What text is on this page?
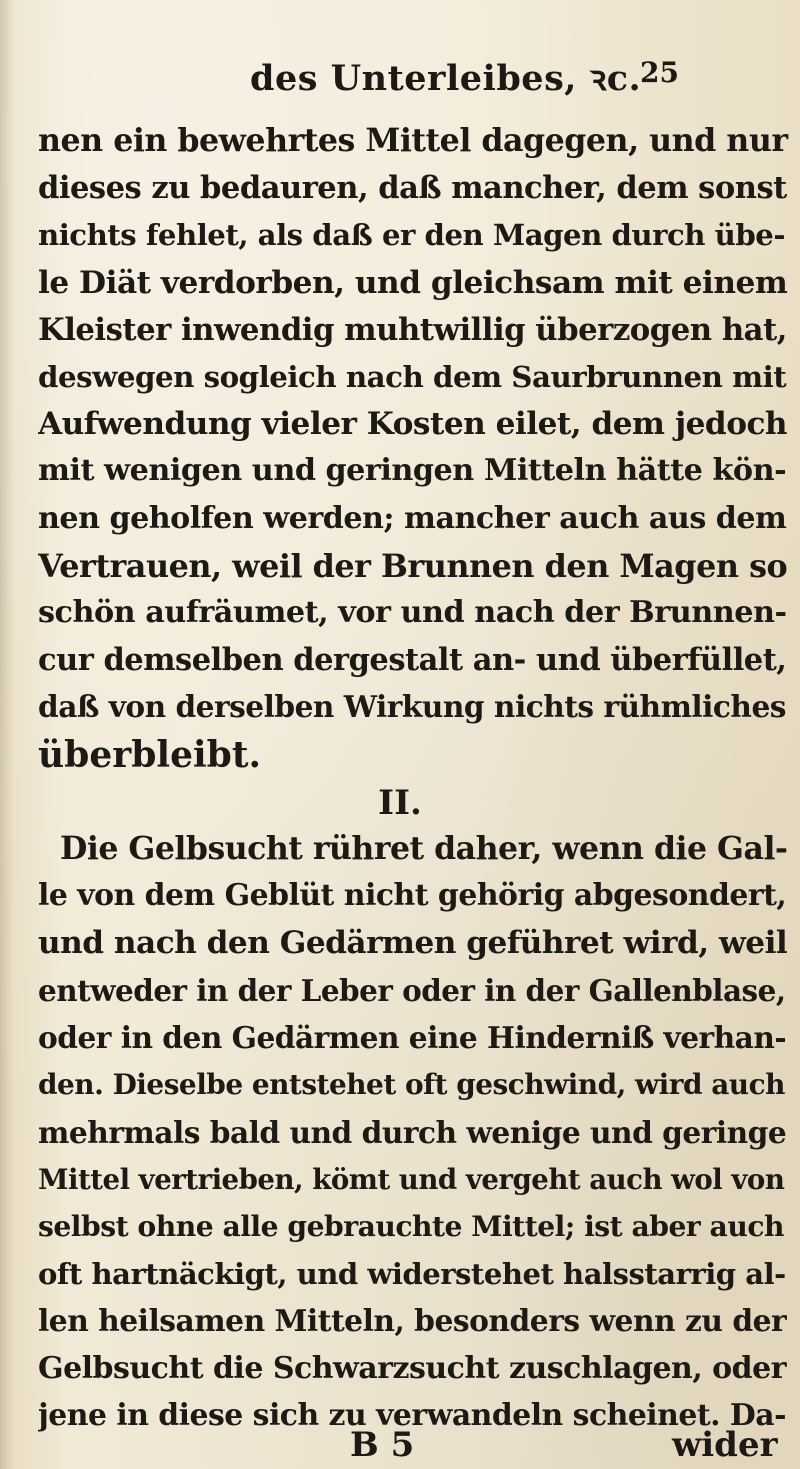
des Unterleibes, ꝛc.
25
nen ein bewehrtes Mittel dagegen, und nur
dieses zu bedauren, daß mancher, dem sonst
nichts fehlet, als daß er den Magen durch übe-
le Diät verdorben, und gleichsam mit einem
Kleister inwendig muhtwillig überzogen hat,
deswegen sogleich nach dem Saurbrunnen mit
Aufwendung vieler Kosten eilet, dem jedoch
mit wenigen und geringen Mitteln hätte kön-
nen geholfen werden; mancher auch aus dem
Vertrauen, weil der Brunnen den Magen so
schön aufräumet, vor und nach der Brunnen-
cur demselben dergestalt an- und überfüllet,
daß von derselben Wirkung nichts rühmliches
überbleibt.
II.
Die Gelbsucht rühret daher, wenn die Gal-
le von dem Geblüt nicht gehörig abgesondert,
und nach den Gedärmen geführet wird, weil
entweder in der Leber oder in der Gallenblase,
oder in den Gedärmen eine Hinderniß verhan-
den. Dieselbe entstehet oft geschwind, wird auch
mehrmals bald und durch wenige und geringe
Mittel vertrieben, kömt und vergeht auch wol von
selbst ohne alle gebrauchte Mittel; ist aber auch
oft hartnäckigt, und widerstehet halsstarrig al-
len heilsamen Mitteln, besonders wenn zu der
Gelbsucht die Schwarzsucht zuschlagen, oder
jene in diese sich zu verwandeln scheinet. Da-
B 5	wider
